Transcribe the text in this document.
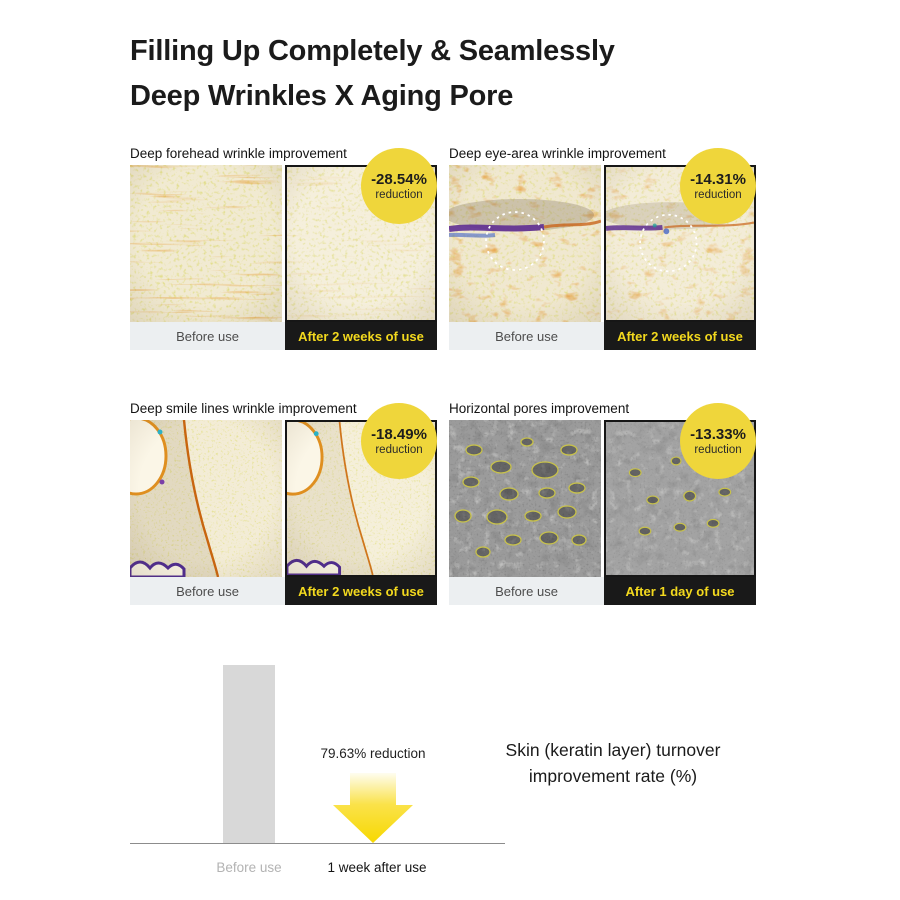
Filling Up Completely & Seamlessly
Deep Wrinkles X Aging Pore
Deep forehead wrinkle improvement
-28.54%
reduction
Before use	After 2 weeks of use
Deep eye-area wrinkle improvement
-14.31%
reduction
Before use	After 2 weeks of use
Deep smile lines wrinkle improvement
-18.49%
reduction
Before use	After 2 weeks of use
Horizontal pores improvement
-13.33%
reduction
Before use	After 1 day of use
79.63% reduction
Before use	1 week after use
Skin (keratin layer) turnover
improvement rate (%)
